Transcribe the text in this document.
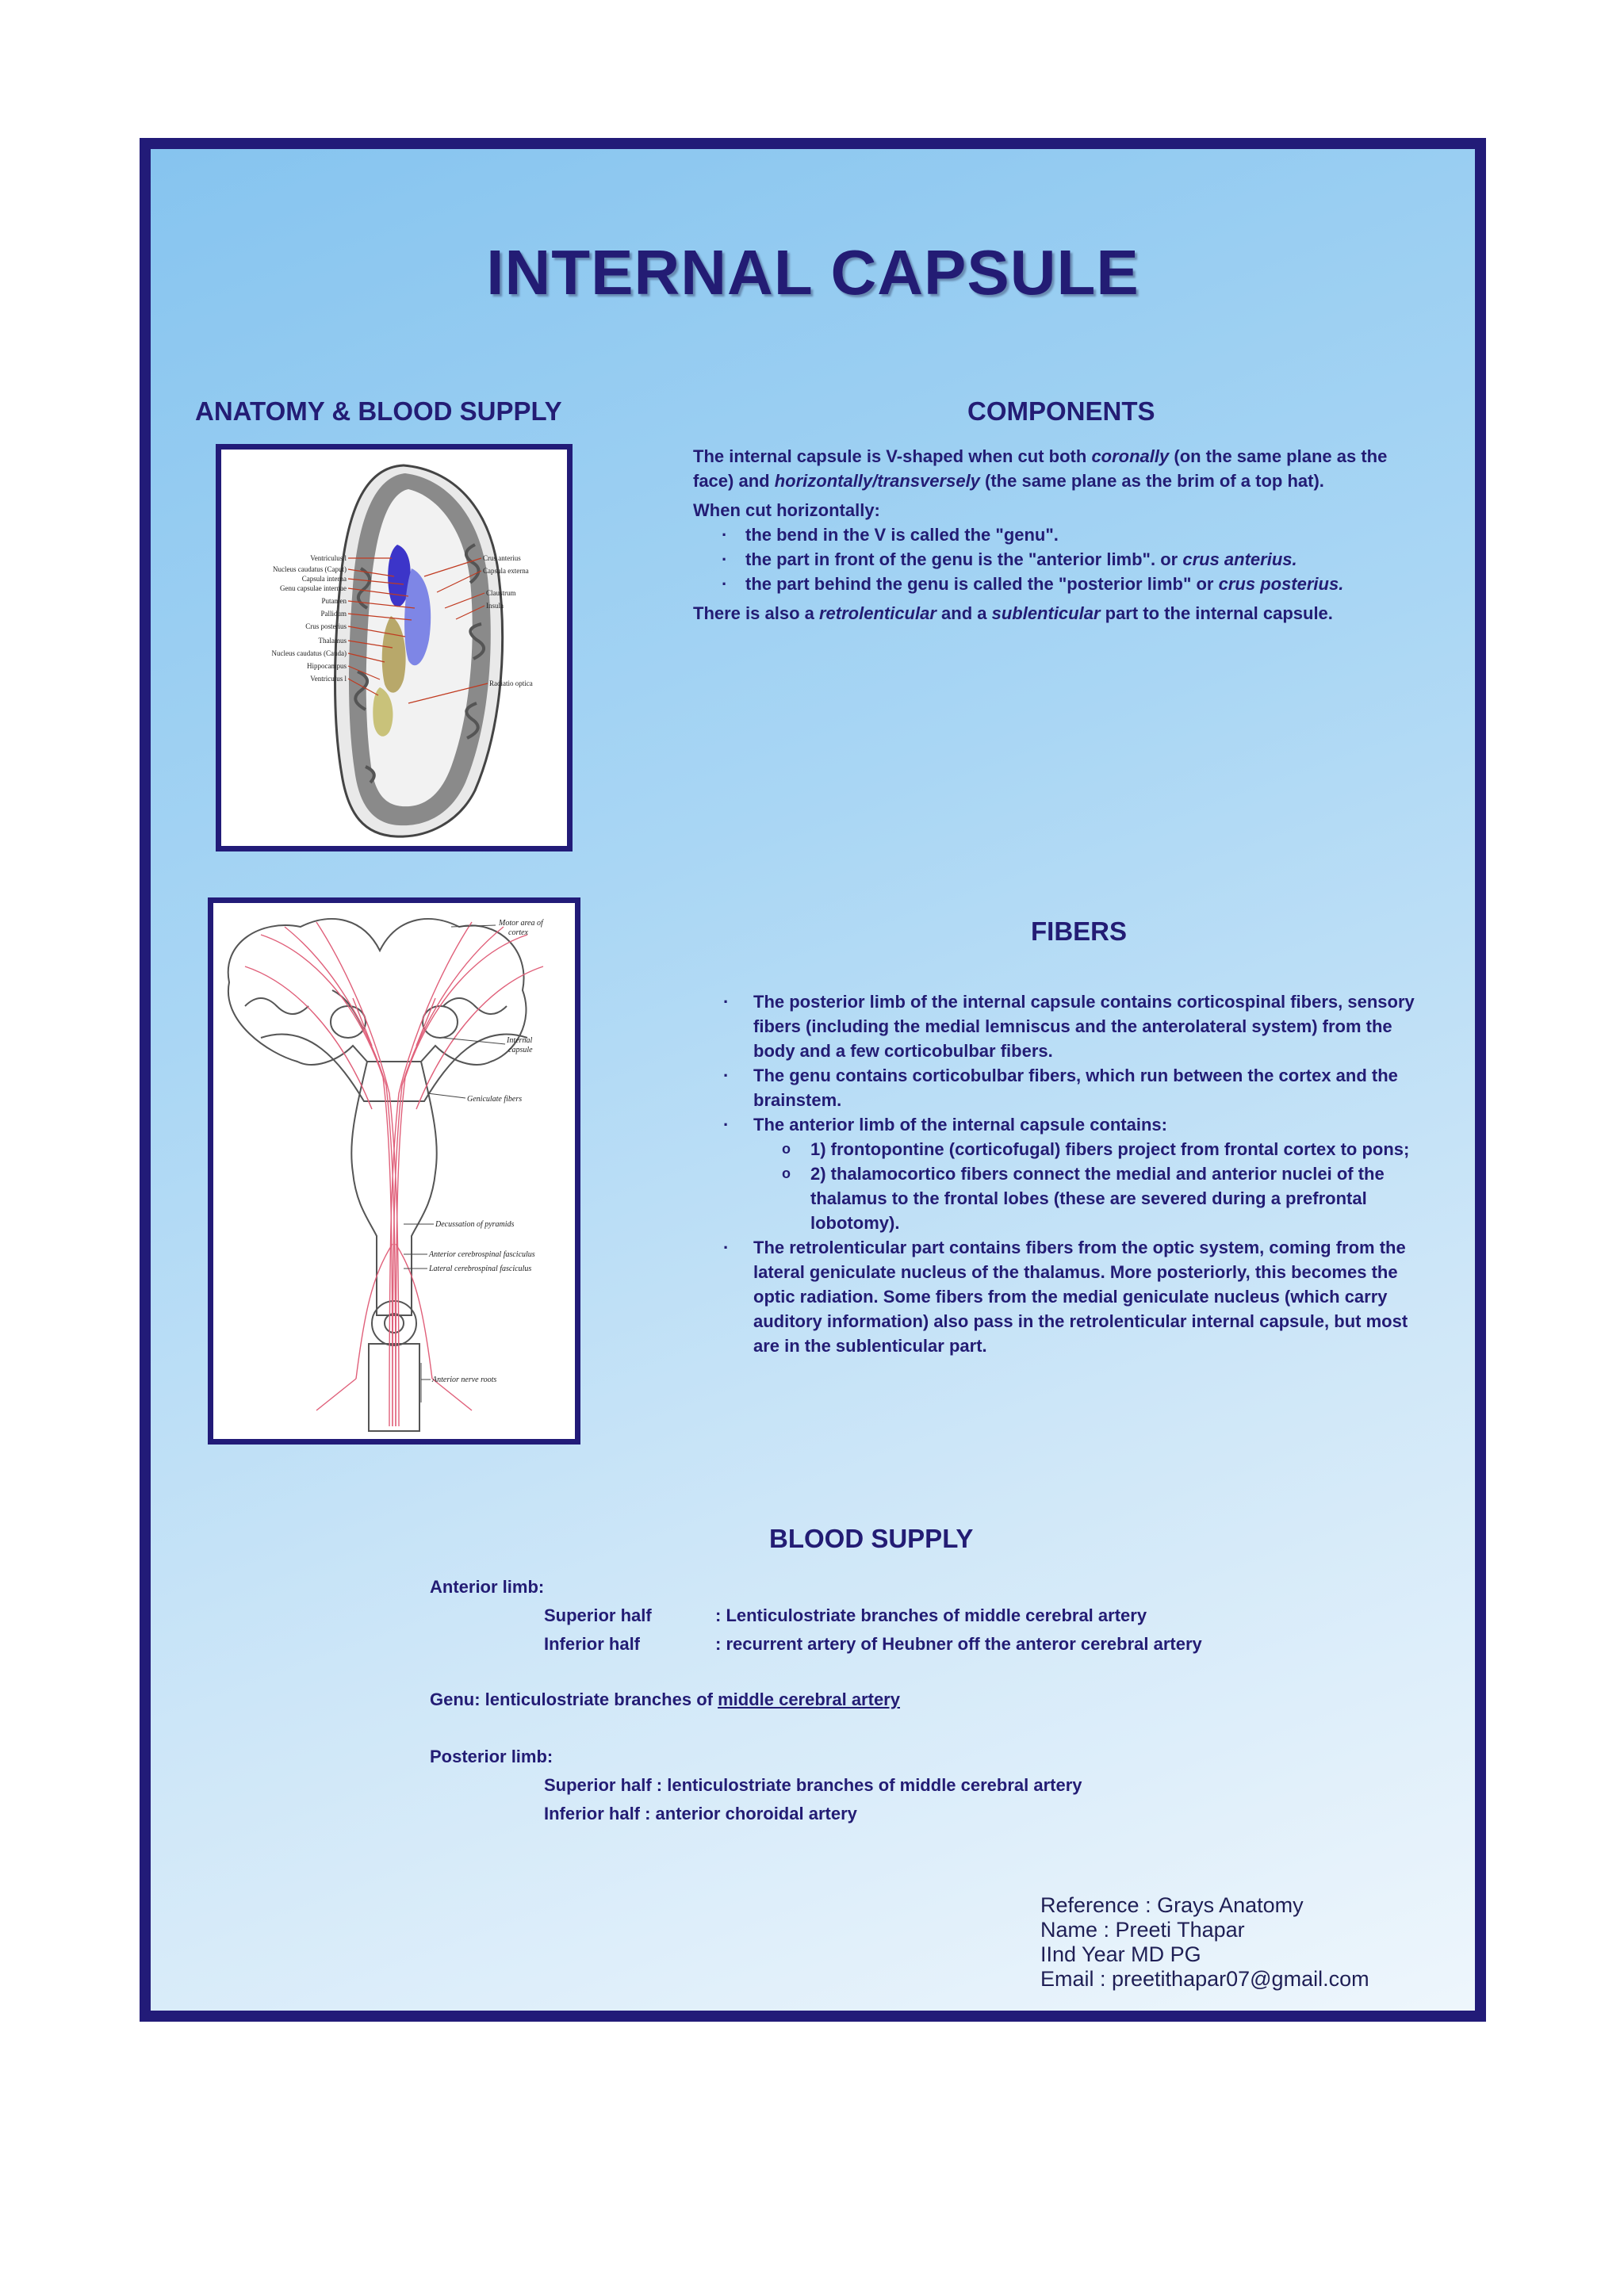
INTERNAL CAPSULE
ANATOMY & BLOOD SUPPLY	COMPONENTS
Ventriculus l
Nucleus caudatus (Caput)
Capsula interna
Genu capsulae internae
Putamen
Pallidum
Crus posterius
Thalamus
Nucleus caudatus (Cauda)
Hippocampus
Ventriculus l
Crus anterius
Capsula externa
Claustrum
Insula
Radiatio optica
Motor area of
cortex
Internal
capsule
Geniculate fibers
Decussation of pyramids
Anterior cerebrospinal fasciculus
Lateral cerebrospinal fasciculus
Anterior nerve roots

The internal capsule is V-shaped when cut both coronally (on the same plane as the face) and horizontally/transversely (the same plane as the brim of a top hat).

When cut horizontally:

· the bend in the V is called the "genu".
· the part in front of the genu is the "anterior limb". or crus anterius.
· the part behind the genu is called the "posterior limb" or crus posterius.

There is also a retrolenticular and a sublenticular part to the internal capsule.

FIBERS
· The posterior limb of the internal capsule contains corticospinal fibers, sensory fibers (including the medial lemniscus and the anterolateral system) from the body and a few corticobulbar fibers.
· The genu contains corticobulbar fibers, which run between the cortex and the brainstem.
· The anterior limb of the internal capsule contains:
o 1) frontopontine (corticofugal) fibers project from frontal cortex to pons;
o 2) thalamocortico fibers connect the medial and anterior nuclei of the thalamus to the frontal lobes (these are severed during a prefrontal lobotomy).
· The retrolenticular part contains fibers from the optic system, coming from the lateral geniculate nucleus of the thalamus. More posteriorly, this becomes the optic radiation. Some fibers from the medial geniculate nucleus (which carry auditory information) also pass in the retrolenticular internal capsule, but most are in the sublenticular part.
BLOOD SUPPLY
Anterior limb:
Superior half	: Lenticulostriate branches of middle cerebral artery
Inferior half	: recurrent artery of Heubner off the anteror cerebral artery
Genu: lenticulostriate branches of middle cerebral artery
Posterior limb:
Superior half : lenticulostriate branches of middle cerebral artery
Inferior half : anterior choroidal artery
Reference : Grays Anatomy
Name : Preeti Thapar
IInd Year MD PG
Email : preetithapar07@gmail.com
